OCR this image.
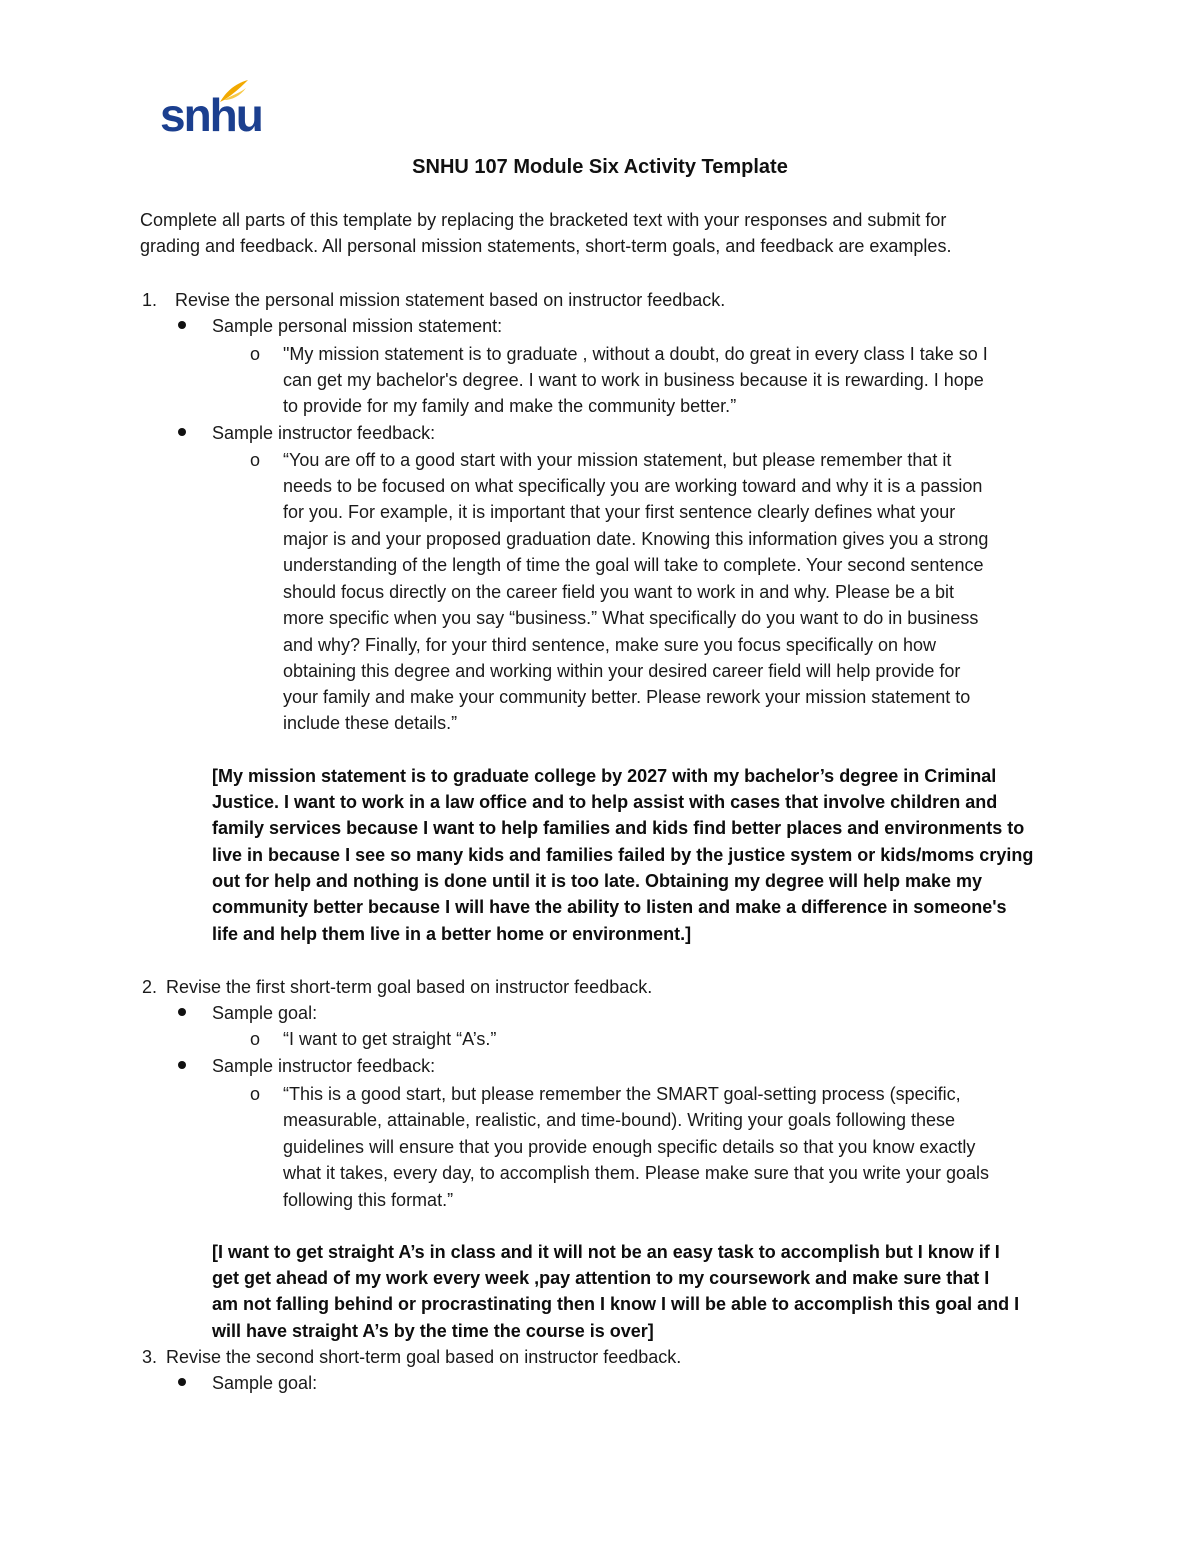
snhu
SNHU 107 Module Six Activity Template
Complete all parts of this template by replacing the bracketed text with your responses and submit for
grading and feedback. All personal mission statements, short-term goals, and feedback are examples.
1. Revise the personal mission statement based on instructor feedback.
Sample personal mission statement:
o "My mission statement is to graduate , without a doubt, do great in every class I take so I
can get my bachelor's degree. I want to work in business because it is rewarding. I hope
to provide for my family and make the community better.”
Sample instructor feedback:
o “You are off to a good start with your mission statement, but please remember that it
needs to be focused on what specifically you are working toward and why it is a passion
for you. For example, it is important that your first sentence clearly defines what your
major is and your proposed graduation date. Knowing this information gives you a strong
understanding of the length of time the goal will take to complete. Your second sentence
should focus directly on the career field you want to work in and why. Please be a bit
more specific when you say “business.” What specifically do you want to do in business
and why? Finally, for your third sentence, make sure you focus specifically on how
obtaining this degree and working within your desired career field will help provide for
your family and make your community better. Please rework your mission statement to
include these details.”
[My mission statement is to graduate college by 2027 with my bachelor’s degree in Criminal
Justice. I want to work in a law office and to help assist with cases that involve children and
family services because I want to help families and kids find better places and environments to
live in because I see so many kids and families failed by the justice system or kids/moms crying
out for help and nothing is done until it is too late. Obtaining my degree will help make my
community better because I will have the ability to listen and make a difference in someone's
life and help them live in a better home or environment.]
2. Revise the first short-term goal based on instructor feedback.
Sample goal:
o “I want to get straight “A’s.”
Sample instructor feedback:
o “This is a good start, but please remember the SMART goal-setting process (specific,
measurable, attainable, realistic, and time-bound). Writing your goals following these
guidelines will ensure that you provide enough specific details so that you know exactly
what it takes, every day, to accomplish them. Please make sure that you write your goals
following this format.”
[I want to get straight A’s in class and it will not be an easy task to accomplish but I know if I
get get ahead of my work every week ,pay attention to my coursework and make sure that I
am not falling behind or procrastinating then I know I will be able to accomplish this goal and I
will have straight A’s by the time the course is over]
3. Revise the second short-term goal based on instructor feedback.
Sample goal:
